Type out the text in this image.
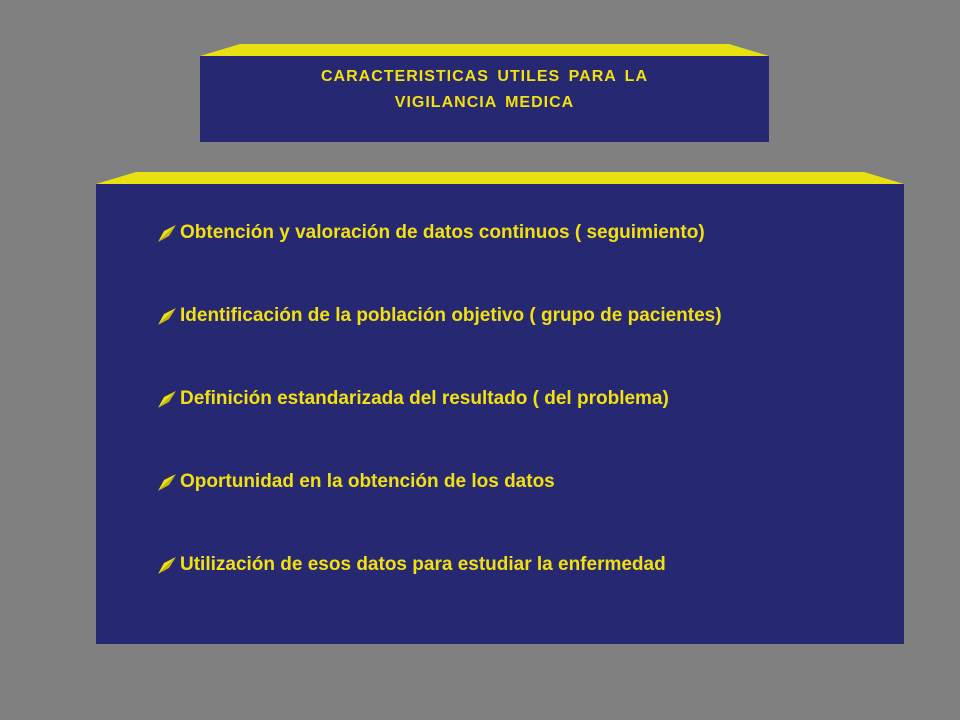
CARACTERISTICAS UTILES PARA LA
VIGILANCIA MEDICA
Obtención y valoración de datos continuos ( seguimiento)
Identificación de la población objetivo ( grupo de pacientes)
Definición estandarizada del resultado ( del problema)
Oportunidad en la obtención de los datos
Utilización de esos datos para estudiar la enfermedad
